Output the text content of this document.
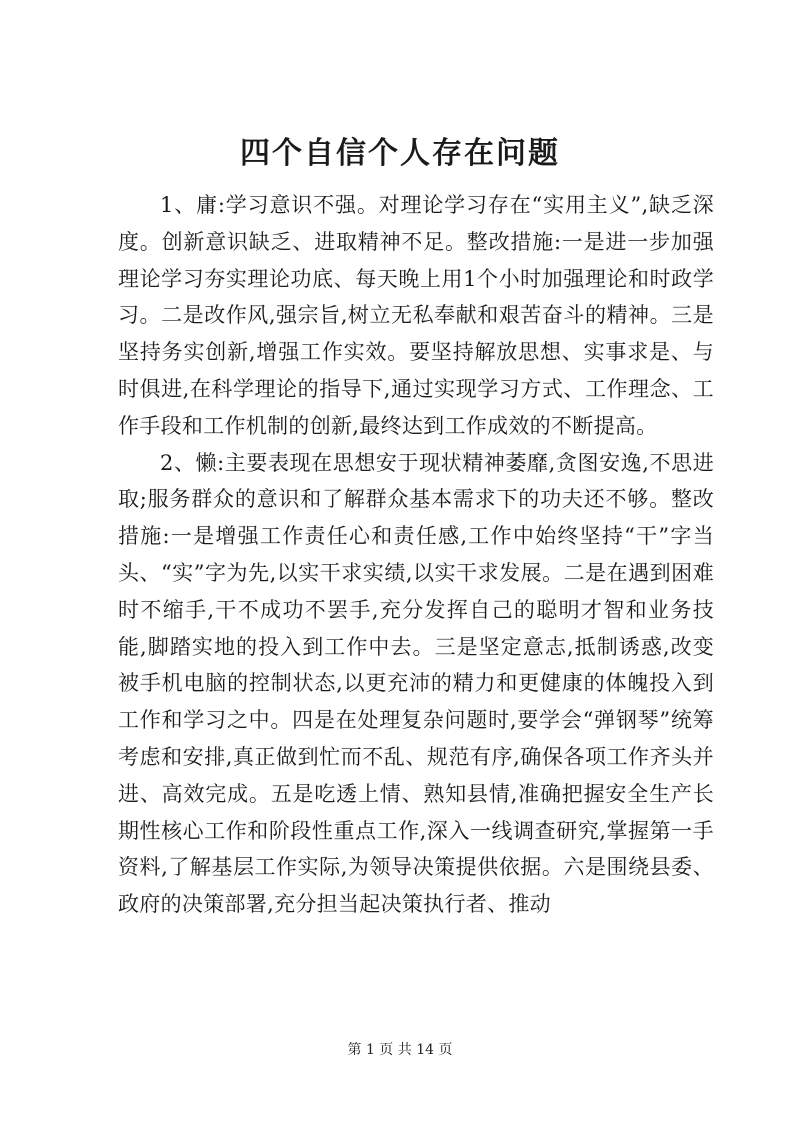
四个自信个人存在问题

1、庸:学习意识不强。对理论学习存在“实用主义”,缺乏深度。创新意识缺乏、进取精神不足。整改措施:一是进一步加强理论学习夯实理论功底、每天晚上用1个小时加强理论和时政学习。二是改作风,强宗旨,树立无私奉献和艰苦奋斗的精神。三是坚持务实创新,增强工作实效。要坚持解放思想、实事求是、与时俱进,在科学理论的指导下,通过实现学习方式、工作理念、工作手段和工作机制的创新,最终达到工作成效的不断提高。

2、懒:主要表现在思想安于现状精神萎靡,贪图安逸,不思进取;服务群众的意识和了解群众基本需求下的功夫还不够。整改措施:一是增强工作责任心和责任感,工作中始终坚持“干”字当头、“实”字为先,以实干求实绩,以实干求发展。二是在遇到困难时不缩手,干不成功不罢手,充分发挥自己的聪明才智和业务技能,脚踏实地的投入到工作中去。三是坚定意志,抵制诱惑,改变被手机电脑的控制状态,以更充沛的精力和更健康的体魄投入到工作和学习之中。四是在处理复杂问题时,要学会“弹钢琴”统筹考虑和安排,真正做到忙而不乱、规范有序,确保各项工作齐头并进、高效完成。五是吃透上情、熟知县情,准确把握安全生产长期性核心工作和阶段性重点工作,深入一线调查研究,掌握第一手资料,了解基层工作实际,为领导决策提供依据。六是围绕县委、政府的决策部署,充分担当起决策执行者、推动

第 1 页 共 14 页
